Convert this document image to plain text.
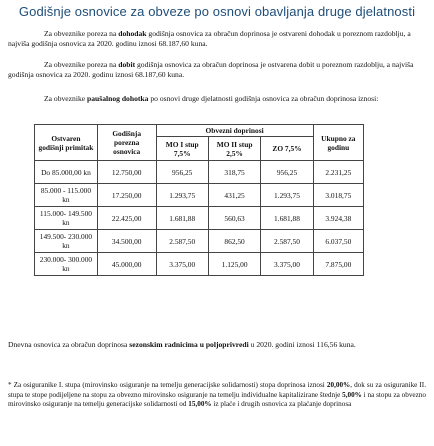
Godišnje osnovice za obveze po osnovi obavljanja druge djelatnosti
Za obveznike poreza na dohodak godišnja osnovica za obračun doprinosa je ostvareni dohodak u poreznom razdoblju, a najviša godišnja osnovica za 2020. godinu iznosi 68.187,60 kuna.
Za obveznike poreza na dobit godišnja osnovica za obračun doprinosa je ostvarena dobit u poreznom razdoblju, a najviša godišnja osnovica za 2020. godinu iznosi 68.187,60 kuna.
Za obveznike paušalnog dohotka po osnovi druge djelatnosti godišnja osnovica za obračun doprinosa iznosi:
Ostvaren godišnji primitak	Godišnja porezna osnovica	Obvezni doprinosi			Ukupno za godinu
		MO I stup 7,5%	MO II stup 2,5%	ZO 7,5%	
Do 85.000,00 kn	12.750,00	956,25	318,75	956,25	2.231,25
85.000 - 115.000 kn	17.250,00	1.293,75	431,25	1.293,75	3.018,75
115.000- 149.500 kn	22.425,00	1.681,88	560,63	1.681,88	3.924,38
149.500- 230.000 kn	34.500,00	2.587,50	862,50	2.587,50	6.037,50
230.000- 300.000 kn	45.000,00	3.375,00	1.125,00	3.375,00	7.875,00
Dnevna osnovica za obračun doprinosa sezonskim radnicima u poljoprivredi u 2020. godini iznosi 116,56 kuna.
* Za osiguranike I. stupa (mirovinsko osiguranje na temelju generacijske solidarnosti) stopa doprinosa iznosi 20,00%, dok su za osiguranike II. stupa te stope podijeljene na stopu za obvezno mirovinsko osiguranje na temelju individualne kapitalizirane štednje 5,00% i na stopu za obvezno mirovinsko osiguranje na temelju generacijske solidarnosti od 15,00% iz plaće i drugih osnovica za plaćanje doprinosa
